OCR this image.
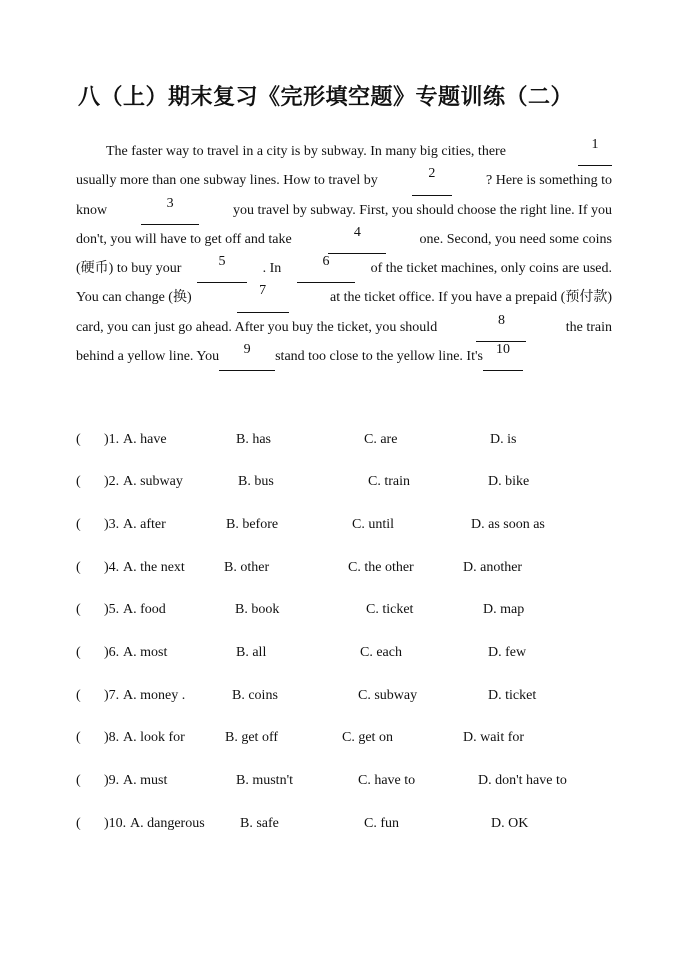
八（上）期末复习《完形填空题》专题训练（二）
The faster way to travel in a city is by subway. In many big cities, there	1
usually more than one subway lines. How to travel by	2	? Here is something to
know	3	you travel by subway. First, you should choose the right line. If you
don't, you will have to get off and take	4	one. Second, you need some coins
(硬币) to buy your	5	. In	6	of the ticket machines, only coins are used.
You can change (换)	7	at the ticket office. If you have a prepaid (预付款)
card, you can just go ahead. After you buy the ticket, you should	8	the train
behind a yellow line. You	9	stand too close to the yellow line. It's 10
( )1. A. have	B. has	C. are	D. is
( )2. A. subway	B. bus	C. train	D. bike
( )3. A. after	B. before	C. until	D. as soon as
( )4. A. the next	B. other	C. the other	D. another
( )5. A. food	B. book	C. ticket	D. map
( )6. A. most	B. all	C. each	D. few
( )7. A. money .	B. coins	C. subway	D. ticket
( )8. A. look for	B. get off	C. get on	D. wait for
( )9. A. must	B. mustn't	C. have to	D. don't have to
( )10. A. dangerous	B. safe	C. fun	D. OK
